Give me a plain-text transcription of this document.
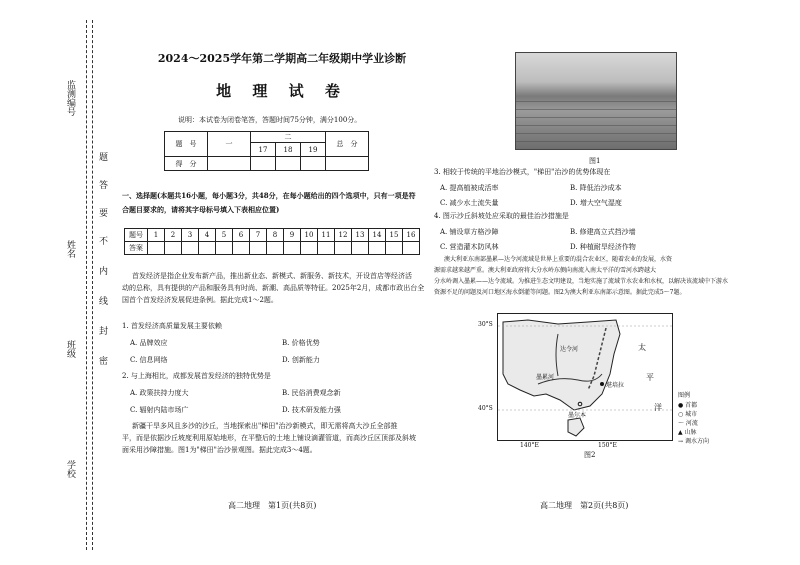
监测编号
姓名
班级
学校
题
答
要
不
内
线
封
密
2024～2025学年第二学期高二年级期中学业诊断
地 理 试 卷
说明：本试卷为闭卷笔答，答题时间75分钟，满分100分。
题　号	一	二			总　分
		17	18	19	
得　分					
一、选择题(本题共16小题，每小题3分，共48分，在每小题给出的四个选项中，只有一项是符
合题目要求的，请将其字母标号填入下表相应位置)
题号	1	2	3	4	5	6	7	8	9	10	11	12	13	14	15	16
答案																
首发经济是指企业发布新产品，推出新业态、新模式、新服务、新技术，开设首店等经济活
动的总称，具有提供的产品和服务具有时尚、新潮、高品质等特征。2025年2月，成都市政出台全
国首个首发经济发展促进条例。据此完成1～2题。
1. 首发经济高质量发展主要依赖
A. 品牌效应	B. 价格优势
C. 信息网络	D. 创新能力
2. 与上海相比，成都发展首发经济的独特优势是
A. 政策扶持力度大	B. 民俗消费观念新
C. 辐射内陆市场广	D. 技术研发能力强
新疆干旱多风且多沙的沙丘，当地探索出"梯田"治沙新模式，即无需将高大沙丘全部推
平，而是依据沙丘坡度利用原始地形，在平整后的土地上铺设滴灌管道，而高沙丘区顶部及斜坡
面采用沙障措施。图1为"梯田"治沙景观图。据此完成3～4题。
高二地理　第1页(共8页)
图1
3. 相较于传统的平地治沙模式，"梯田"治沙的优势体现在
A. 提高植被成活率	B. 降低治沙成本
C. 减少水土流失量	D. 增大空气湿度
4. 图示沙丘斜坡处应采取的最佳治沙措施是
A. 铺设草方格沙障	B. 修建高立式挡沙墙
C. 营造灌木防风林	D. 种植耐旱经济作物
澳大利亚东南部墨累—达令河流域是世界上重要的混合农业区，随着农业的发展，水资
源需求越来越严重。澳大利亚政府将大分水岭东侧向南流入南太平洋的雪河水跨越大
分水岭调入墨累——达令流域。为推进生态文明建设，当地实施了流域节水农业和水权，以解决该流域中下游水
资源不足的问题及河口地区海水倒灌等问题。图2为澳大利亚东南部示意图。据此完成5～7题。
30°S
40°S
140°E	150°E
太
平
洋
墨累河
达令河
堪培拉
墨尔本
图例
● 首都
○ 城市
～ 河流
▲ 山脉
→ 调水方向
图2
高二地理　第2页(共8页)
